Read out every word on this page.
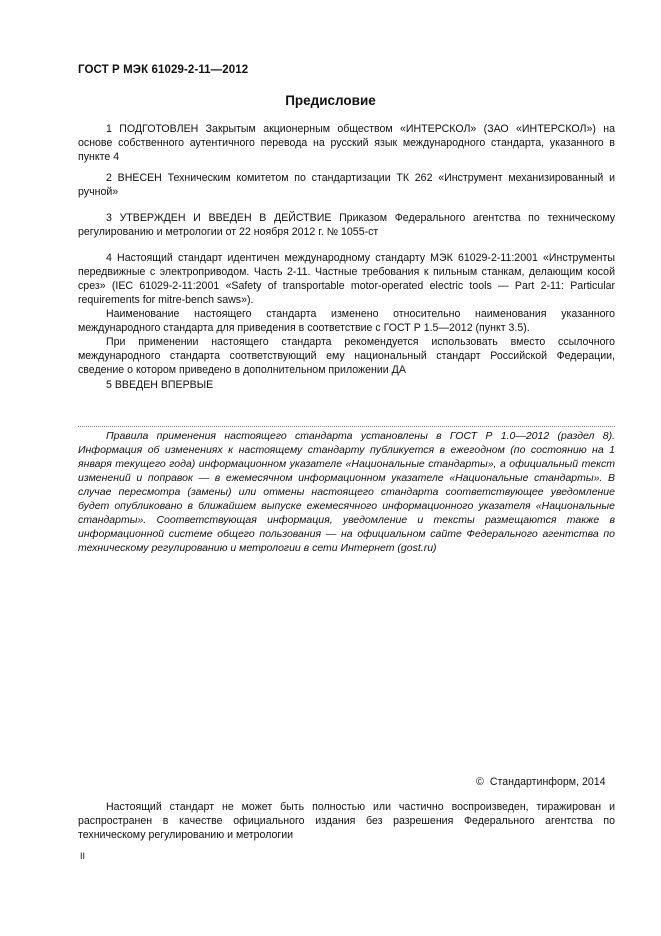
ГОСТ Р МЭК 61029-2-11—2012
Предисловие

1 ПОДГОТОВЛЕН Закрытым акционерным обществом «ИНТЕРСКОЛ» (ЗАО «ИНТЕРСКОЛ») на основе собственного аутентичного перевода на русский язык международного стандарта, указанного в пункте 4

2 ВНЕСЕН Техническим комитетом по стандартизации ТК 262 «Инструмент механизированный и ручной»

3 УТВЕРЖДЕН И ВВЕДЕН В ДЕЙСТВИЕ Приказом Федерального агентства по техническому регулированию и метрологии от 22 ноября 2012 г. № 1055-ст

4 Настоящий стандарт идентичен международному стандарту МЭК 61029-2-11:2001 «Инструменты передвижные с электроприводом. Часть 2-11. Частные требования к пильным станкам, делающим косой срез» (IEC 61029-2-11:2001 «Safety of transportable motor-operated electric tools — Part 2-11: Particular requirements for mitre-bench saws»).

Наименование настоящего стандарта изменено относительно наименования указанного международного стандарта для приведения в соответствие с ГОСТ Р 1.5—2012 (пункт 3.5).

При применении настоящего стандарта рекомендуется использовать вместо ссылочного международного стандарта соответствующий ему национальный стандарт Российской Федерации, сведение о котором приведено в дополнительном приложении ДА

5 ВВЕДЕН ВПЕРВЫЕ

Правила применения настоящего стандарта установлены в ГОСТ Р 1.0—2012 (раздел 8). Информация об изменениях к настоящему стандарту публикуется в ежегодном (по состоянию на 1 января текущего года) информационном указателе «Национальные стандарты», а официальный текст изменений и поправок — в ежемесячном информационном указателе «Национальные стандарты». В случае пересмотра (замены) или отмены настоящего стандарта соответствующее уведомление будет опубликовано в ближайшем выпуске ежемесячного информационного указателя «Национальные стандарты». Соответствующая информация, уведомление и тексты размещаются также в информационной системе общего пользования — на официальном сайте Федерального агентства по техническому регулированию и метрологии в сети Интернет (gost.ru)

© Стандартинформ, 2014

Настоящий стандарт не может быть полностью или частично воспроизведен, тиражирован и распространен в качестве официального издания без разрешения Федерального агентства по техническому регулированию и метрологии

II
